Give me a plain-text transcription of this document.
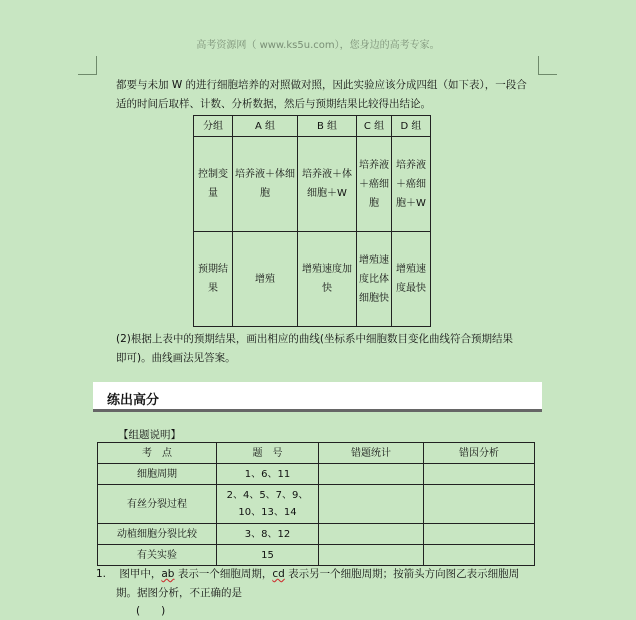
高考资源网（ www.ks5u.com），您身边的高考专家。
都要与未加 W 的进行细胞培养的对照做对照，因此实验应该分成四组（如下表），一段合适的时间后取样、计数、分析数据，然后与预期结果比较得出结论。
分组	A 组	B 组	C 组	D 组
控制变量	培养液＋体细胞	培养液＋体细胞＋W	培养液＋癌细胞	培养液＋癌细胞＋W
预期结果	增殖	增殖速度加快	增殖速度比体细胞快	增殖速度最快
(2)根据上表中的预期结果，画出相应的曲线(坐标系中细胞数目变化曲线符合预期结果
即可)。曲线画法见答案。
练出高分
【组题说明】
考　点	题　号	错题统计	错因分析
细胞周期	1、6、11		
有丝分裂过程	2、4、5、7、9、10、13、14		
动植细胞分裂比较	3、8、12		
有关实验	15		
1. 图甲中，ab 表示一个细胞周期，cd 表示另一个细胞周期；按箭头方向图乙表示细胞周
期。据图分析，不正确的是
(　　)
